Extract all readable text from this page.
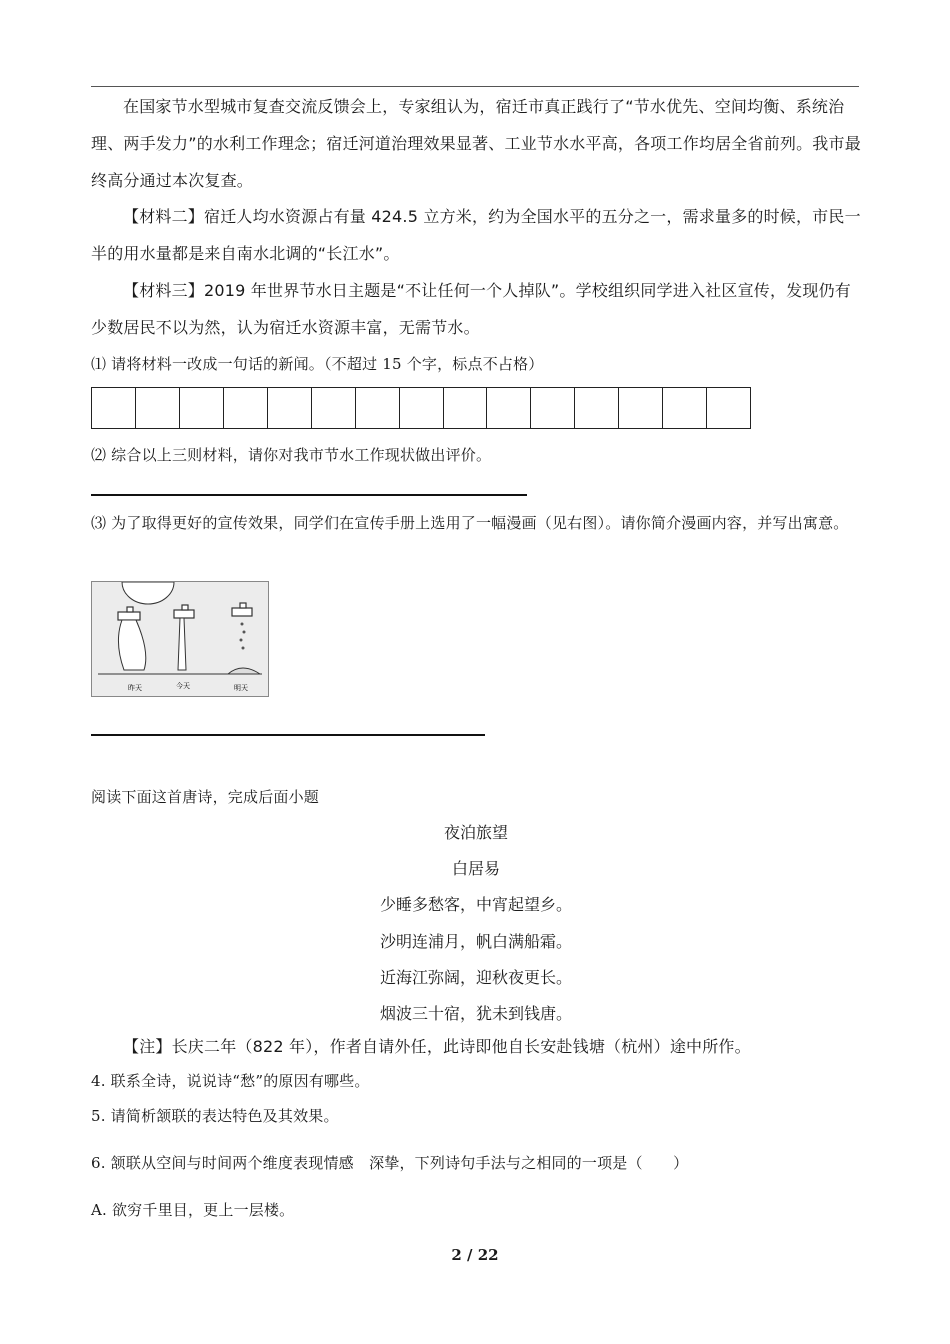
在国家节水型城市复查交流反馈会上，专家组认为，宿迁市真正践行了“节水优先、空间均衡、系统治理、两手发力”的水利工作理念；宿迁河道治理效果显著、工业节水水平高，各项工作均居全省前列。我市最终高分通过本次复查。
【材料二】宿迁人均水资源占有量 424.5 立方米，约为全国水平的五分之一，需求量多的时候，市民一半的用水量都是来自南水北调的“长江水”。
【材料三】2019 年世界节水日主题是“不让任何一个人掉队”。学校组织同学进入社区宣传，发现仍有少数居民不以为然，认为宿迁水资源丰富，无需节水。
⑴ 请将材料一改成一句话的新闻。（不超过 15 个字，标点不占格）
⑵ 综合以上三则材料，请你对我市节水工作现状做出评价。
⑶ 为了取得更好的宣传效果，同学们在宣传手册上选用了一幅漫画（见右图）。请你简介漫画内容，并写出寓意。
昨天	今天	明天
阅读下面这首唐诗，完成后面小题
夜泊旅望
白居易
少睡多愁客，中宵起望乡。
沙明连浦月，帆白满船霜。
近海江弥阔，迎秋夜更长。
烟波三十宿，犹未到钱唐。
【注】长庆二年（822 年），作者自请外任，此诗即他自长安赴钱塘（杭州）途中所作。
4. 联系全诗，说说诗“愁”的原因有哪些。
5. 请简析颔联的表达特色及其效果。
6. 颔联从空间与时间两个维度表现情感　深挚，下列诗句手法与之相同的一项是（　　）
A. 欲穷千里目，更上一层楼。
2 / 22
